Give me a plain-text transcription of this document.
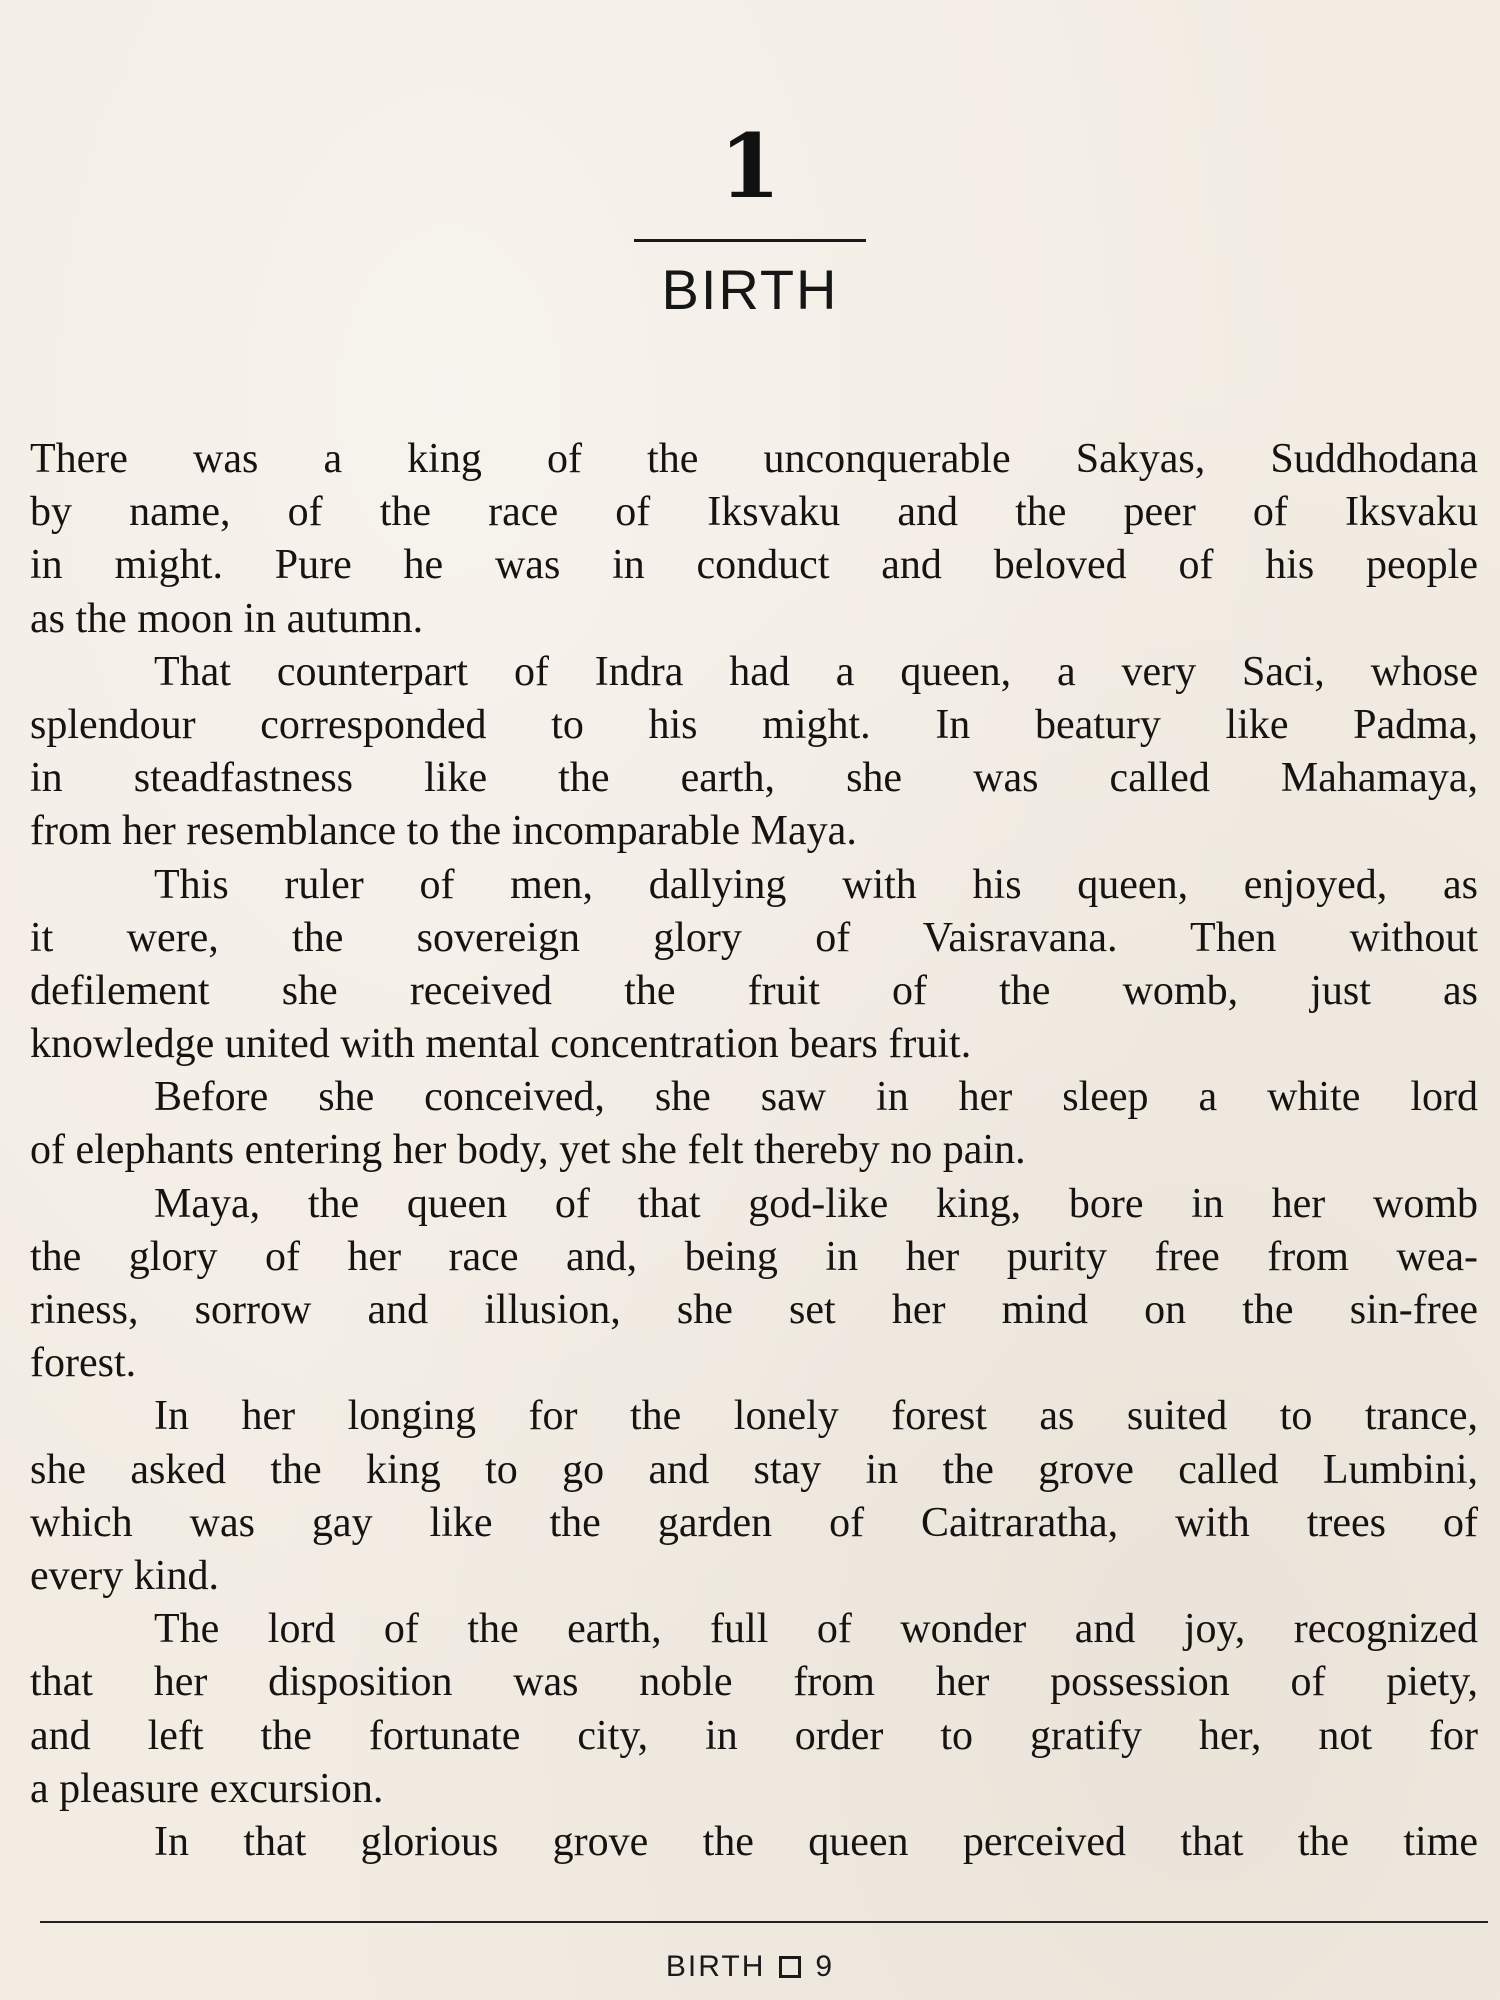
1
BIRTH
There was a king of the unconquerable Sakyas, Suddhodana
by name, of the race of Iksvaku and the peer of Iksvaku
in might. Pure he was in conduct and beloved of his people
as the moon in autumn.
That counterpart of Indra had a queen, a very Saci, whose
splendour corresponded to his might. In beatury like Padma,
in steadfastness like the earth, she was called Mahamaya,
from her resemblance to the incomparable Maya.
This ruler of men, dallying with his queen, enjoyed, as
it were, the sovereign glory of Vaisravana. Then without
defilement she received the fruit of the womb, just as
knowledge united with mental concentration bears fruit.
Before she conceived, she saw in her sleep a white lord
of elephants entering her body, yet she felt thereby no pain.
Maya, the queen of that god-like king, bore in her womb
the glory of her race and, being in her purity free from wea-
riness, sorrow and illusion, she set her mind on the sin-free
forest.
In her longing for the lonely forest as suited to trance,
she asked the king to go and stay in the grove called Lumbini,
which was gay like the garden of Caitraratha, with trees of
every kind.
The lord of the earth, full of wonder and joy, recognized
that her disposition was noble from her possession of piety,
and left the fortunate city, in order to gratify her, not for
a pleasure excursion.
In that glorious grove the queen perceived that the time
BIRTH 9
